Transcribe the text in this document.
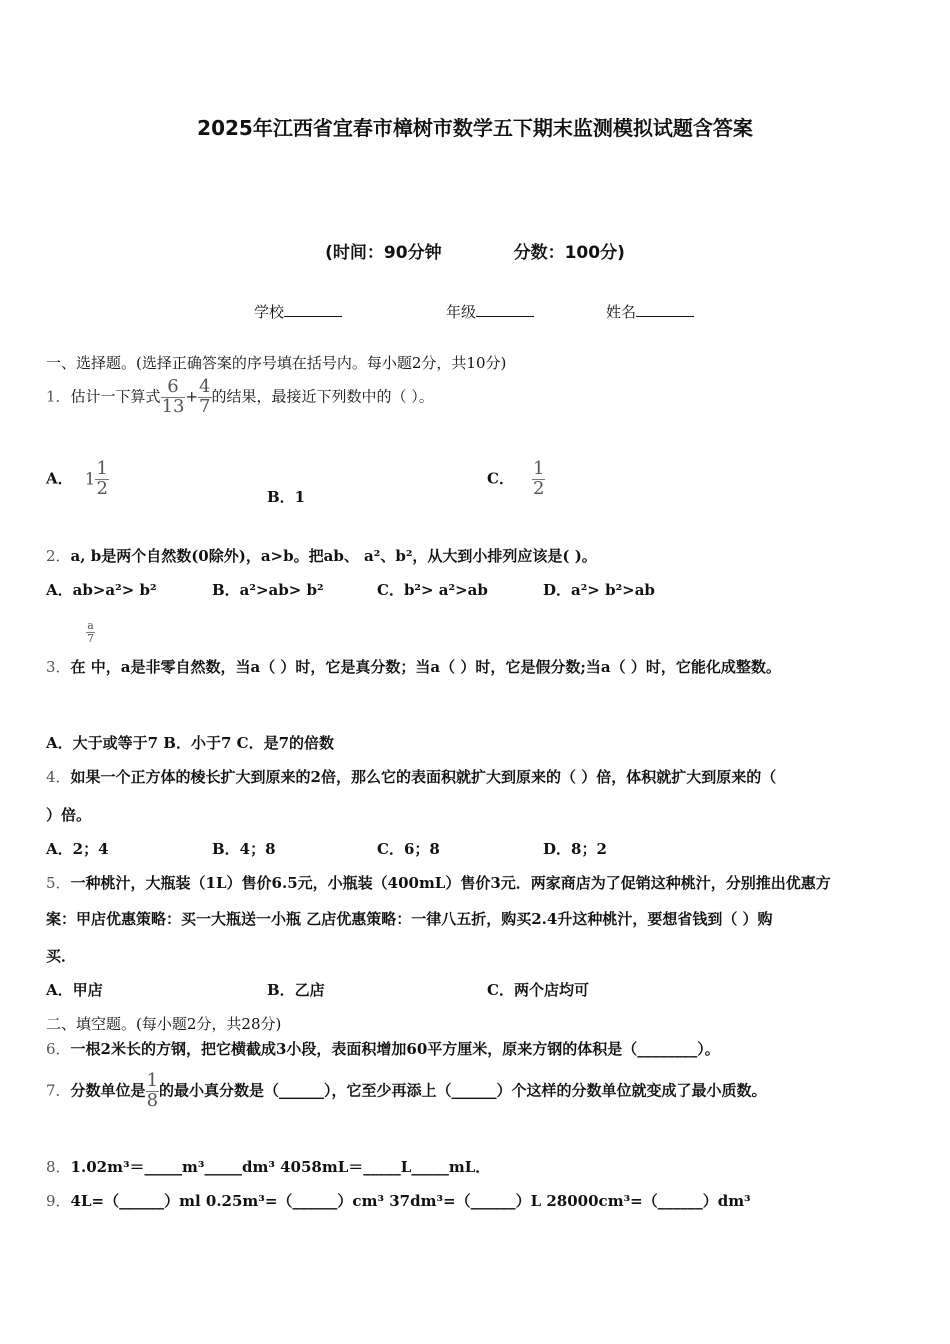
2025年江西省宜春市樟树市数学五下期末监测模拟试题含答案
(时间：90分钟	分数：100分)
学校	年级	姓名
一、选择题。(选择正确答案的序号填在括号内。每小题2分，共10分)
1．估计一下算式 $\frac{6}{13} + \frac{4}{7}$ 的结果，最接近下列数中的（ ）。
A． $1 \frac{1}{2}$	B．1
C． $\frac{1}{2}$
2．a, b是两个自然数(0除外)，a>b。把ab、 a²、b²，从大到小排列应该是( )。
A．ab>a²> b²	B．a²>ab> b²	C．b²> a²>ab	D．a²> b²>ab
$\frac{a}{7}$
3．在 中，a是非零自然数，当a（ ）时，它是真分数；当a（ ）时，它是假分数;当a（ ）时，它能化成整数。
A．大于或等于7 B．小于7 C．是7的倍数
4．如果一个正方体的棱长扩大到原来的2倍，那么它的表面积就扩大到原来的（ ）倍，体积就扩大到原来的（
）倍。
A．2；4	B．4；8	C．6；8	D．8；2
5．一种桃汁，大瓶装（1L）售价6.5元，小瓶装（400mL）售价3元．两家商店为了促销这种桃汁，分别推出优惠方
案：甲店优惠策略：买一大瓶送一小瓶 乙店优惠策略：一律八五折，购买2.4升这种桃汁，要想省钱到（ ）购
买．
A．甲店	B．乙店	C．两个店均可
二、填空题。(每小题2分，共28分)
6．一根2米长的方钢，把它横截成3小段，表面积增加60平方厘米，原来方钢的体积是（________）。
7．分数单位是 $\frac{1}{8}$ 的最小真分数是（______），它至少再添上（______）个这样的分数单位就变成了最小质数。
8．1.02m³＝_____m³_____dm³ 4058mL＝_____L_____mL．
9．4L=（______）ml 0.25m³=（______）cm³ 37dm³=（______）L 28000cm³=（______）dm³
